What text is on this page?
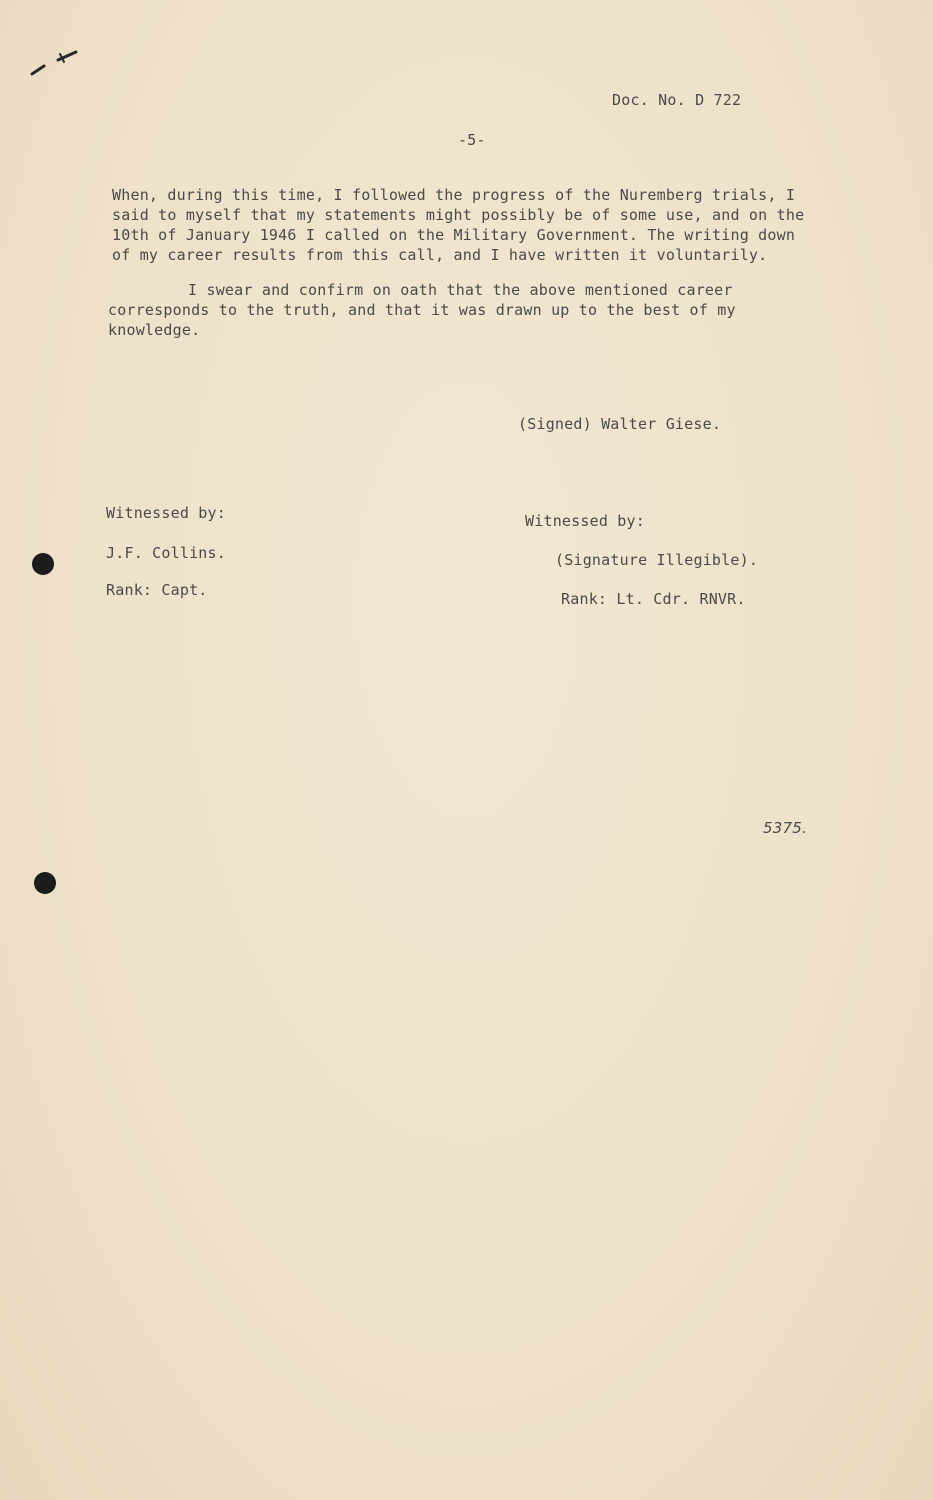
Doc. No. D 722
-5-
When, during this time, I followed the progress of the Nuremberg trials, I
said to myself that my statements might possibly be of some use, and on the
10th of January 1946 I called on the Military Government. The writing down
of my career results from this call, and I have written it voluntarily.
I swear and confirm on oath that the above mentioned career
corresponds to the truth, and that it was drawn up to the best of my
knowledge.
(Signed) Walter Giese.
Witnessed by:
J.F. Collins.
Rank: Capt.
Witnessed by:
(Signature Illegible).
Rank: Lt. Cdr. RNVR.
5375.
